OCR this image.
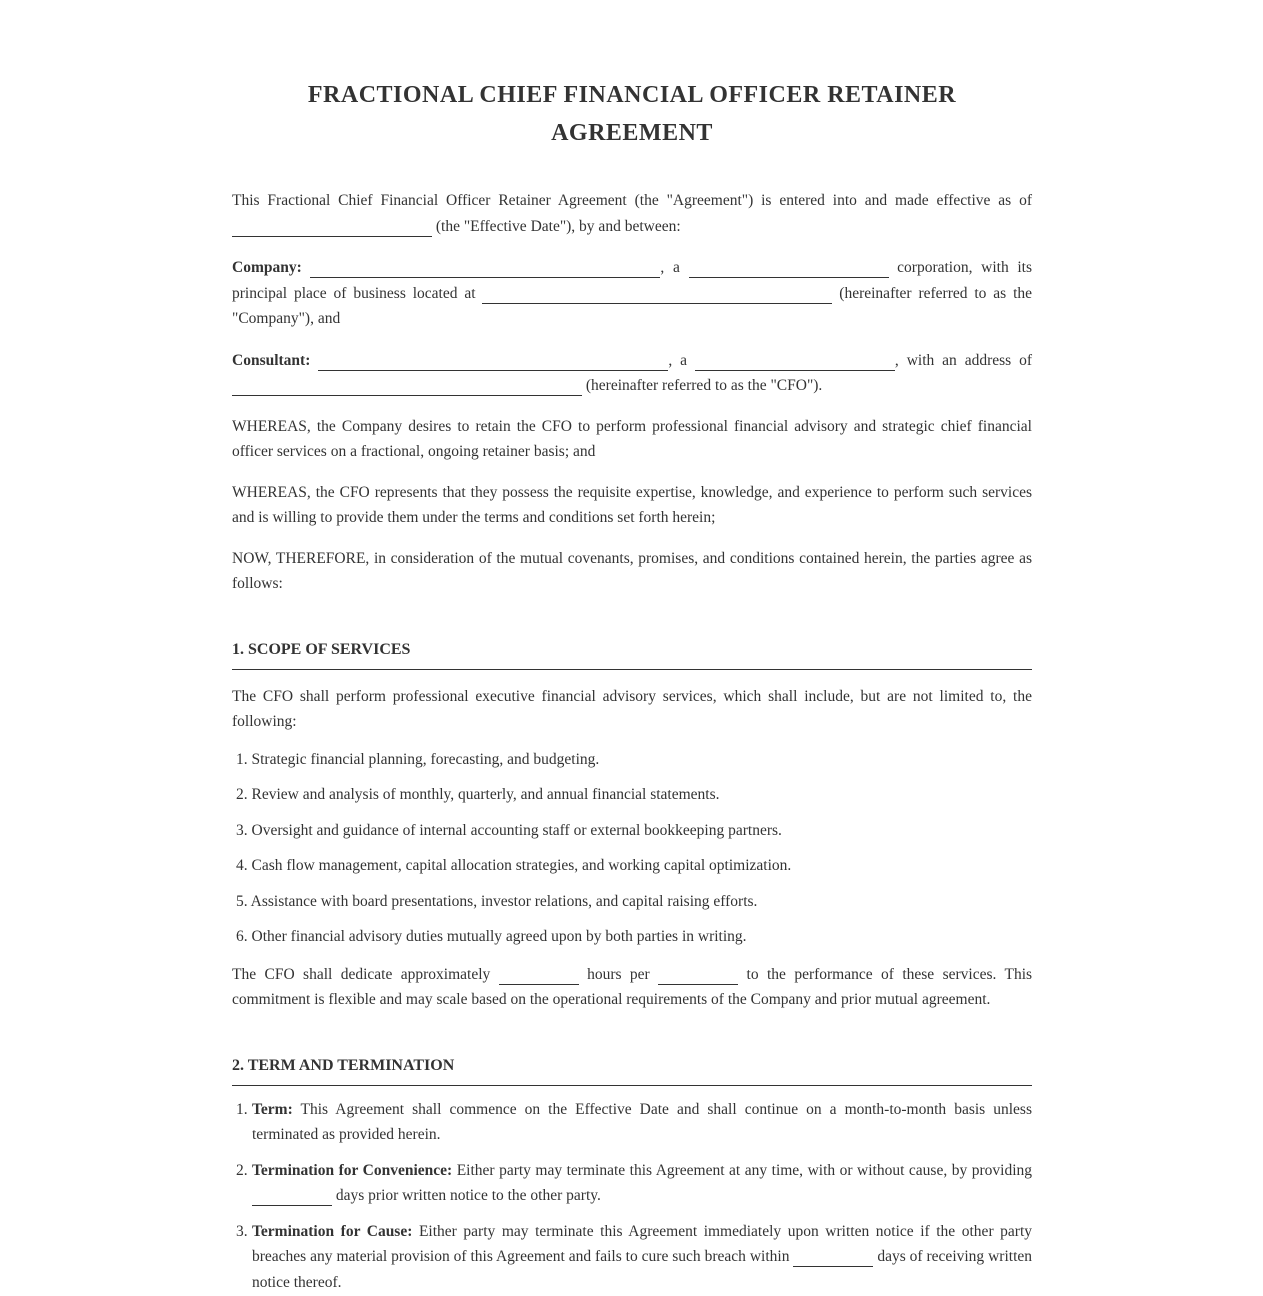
FRACTIONAL CHIEF FINANCIAL OFFICER RETAINER
AGREEMENT

This Fractional Chief Financial Officer Retainer Agreement (the "Agreement") is entered into and made effective as of  (the "Effective Date"), by and between:

Company:	, a	corporation, with its principal place of business located at	(hereinafter referred to as the "Company"), and

Consultant:	, a	, with an address of  (hereinafter referred to as the "CFO").

WHEREAS, the Company desires to retain the CFO to perform professional financial advisory and strategic chief financial officer services on a fractional, ongoing retainer basis; and

WHEREAS, the CFO represents that they possess the requisite expertise, knowledge, and experience to perform such services and is willing to provide them under the terms and conditions set forth herein;

NOW, THEREFORE, in consideration of the mutual covenants, promises, and conditions contained herein, the parties agree as follows:

1. SCOPE OF SERVICES

The CFO shall perform professional executive financial advisory services, which shall include, but are not limited to, the following:

1. Strategic financial planning, forecasting, and budgeting.
2. Review and analysis of monthly, quarterly, and annual financial statements.
3. Oversight and guidance of internal accounting staff or external bookkeeping partners.
4. Cash flow management, capital allocation strategies, and working capital optimization.
5. Assistance with board presentations, investor relations, and capital raising efforts.
6. Other financial advisory duties mutually agreed upon by both parties in writing.

The CFO shall dedicate approximately	hours per	to the performance of these services. This commitment is flexible and may scale based on the operational requirements of the Company and prior mutual agreement.

2. TERM AND TERMINATION
1. Term: This Agreement shall commence on the Effective Date and shall continue on a month-to-month basis unless terminated as provided herein.
2. Termination for Convenience: Either party may terminate this Agreement at any time, with or without cause, by providing  days prior written notice to the other party.
3. Termination for Cause: Either party may terminate this Agreement immediately upon written notice if the other party breaches any material provision of this Agreement and fails to cure such breach within	days of receiving written notice thereof.
